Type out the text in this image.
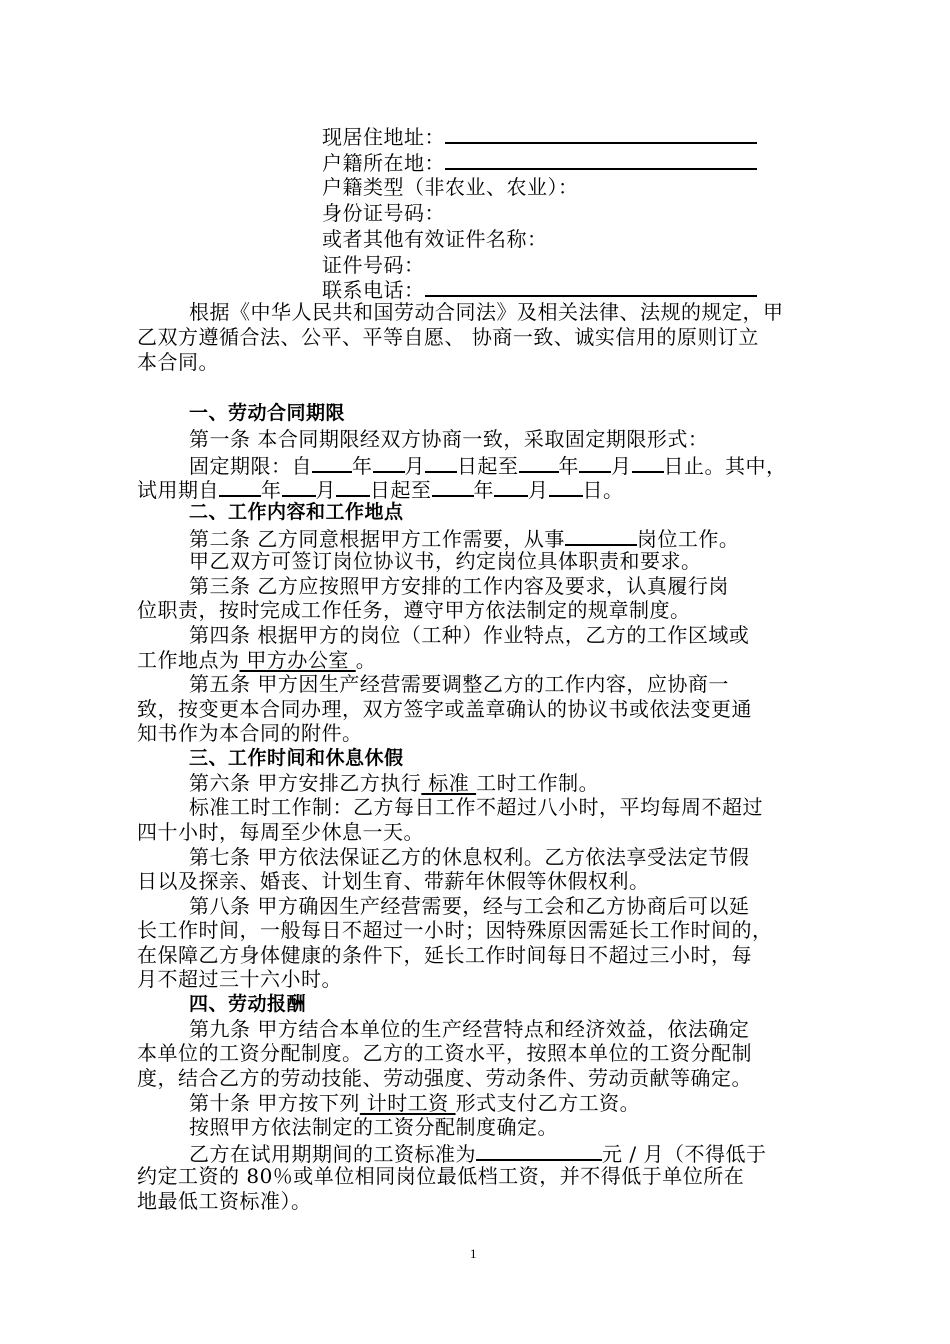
现居住地址：
户籍所在地：
户籍类型（非农业、农业）：
身份证号码：
或者其他有效证件名称：
证件号码：
联系电话：
根据《中华人民共和国劳动合同法》及相关法律、法规的规定，甲
乙双方遵循合法、公平、平等自愿、 协商一致、诚实信用的原则订立
本合同。
一、劳动合同期限
第一条 本合同期限经双方协商一致，采取固定期限形式：
固定期限：自 年 月 日起至 年 月 日止。其中，
试用期自 年 月 日起至 年 月 日。
二、工作内容和工作地点
第二条 乙方同意根据甲方工作需要，从事	岗位工作。
甲乙双方可签订岗位协议书，约定岗位具体职责和要求。
第三条 乙方应按照甲方安排的工作内容及要求，认真履行岗
位职责，按时完成工作任务，遵守甲方依法制定的规章制度。
第四条 根据甲方的岗位（工种）作业特点，乙方的工作区域或
工作地点为 甲方办公室 。
第五条 甲方因生产经营需要调整乙方的工作内容，应协商一
致，按变更本合同办理，双方签字或盖章确认的协议书或依法变更通
知书作为本合同的附件。
三、工作时间和休息休假
第六条 甲方安排乙方执行 标准 工时工作制。
标准工时工作制：乙方每日工作不超过八小时，平均每周不超过
四十小时，每周至少休息一天。
第七条 甲方依法保证乙方的休息权利。乙方依法享受法定节假
日以及探亲、婚丧、计划生育、带薪年休假等休假权利。
第八条 甲方确因生产经营需要，经与工会和乙方协商后可以延
长工作时间，一般每日不超过一小时；因特殊原因需延长工作时间的，
在保障乙方身体健康的条件下，延长工作时间每日不超过三小时，每
月不超过三十六小时。
四、劳动报酬
第九条 甲方结合本单位的生产经营特点和经济效益，依法确定
本单位的工资分配制度。乙方的工资水平，按照本单位的工资分配制
度，结合乙方的劳动技能、劳动强度、劳动条件、劳动贡献等确定。
第十条 甲方按下列 计时工资 形式支付乙方工资。
按照甲方依法制定的工资分配制度确定。
乙方在试用期期间的工资标准为	元 / 月（不得低于
约定工资的 80％或单位相同岗位最低档工资，并不得低于单位所在
地最低工资标准）。
1
